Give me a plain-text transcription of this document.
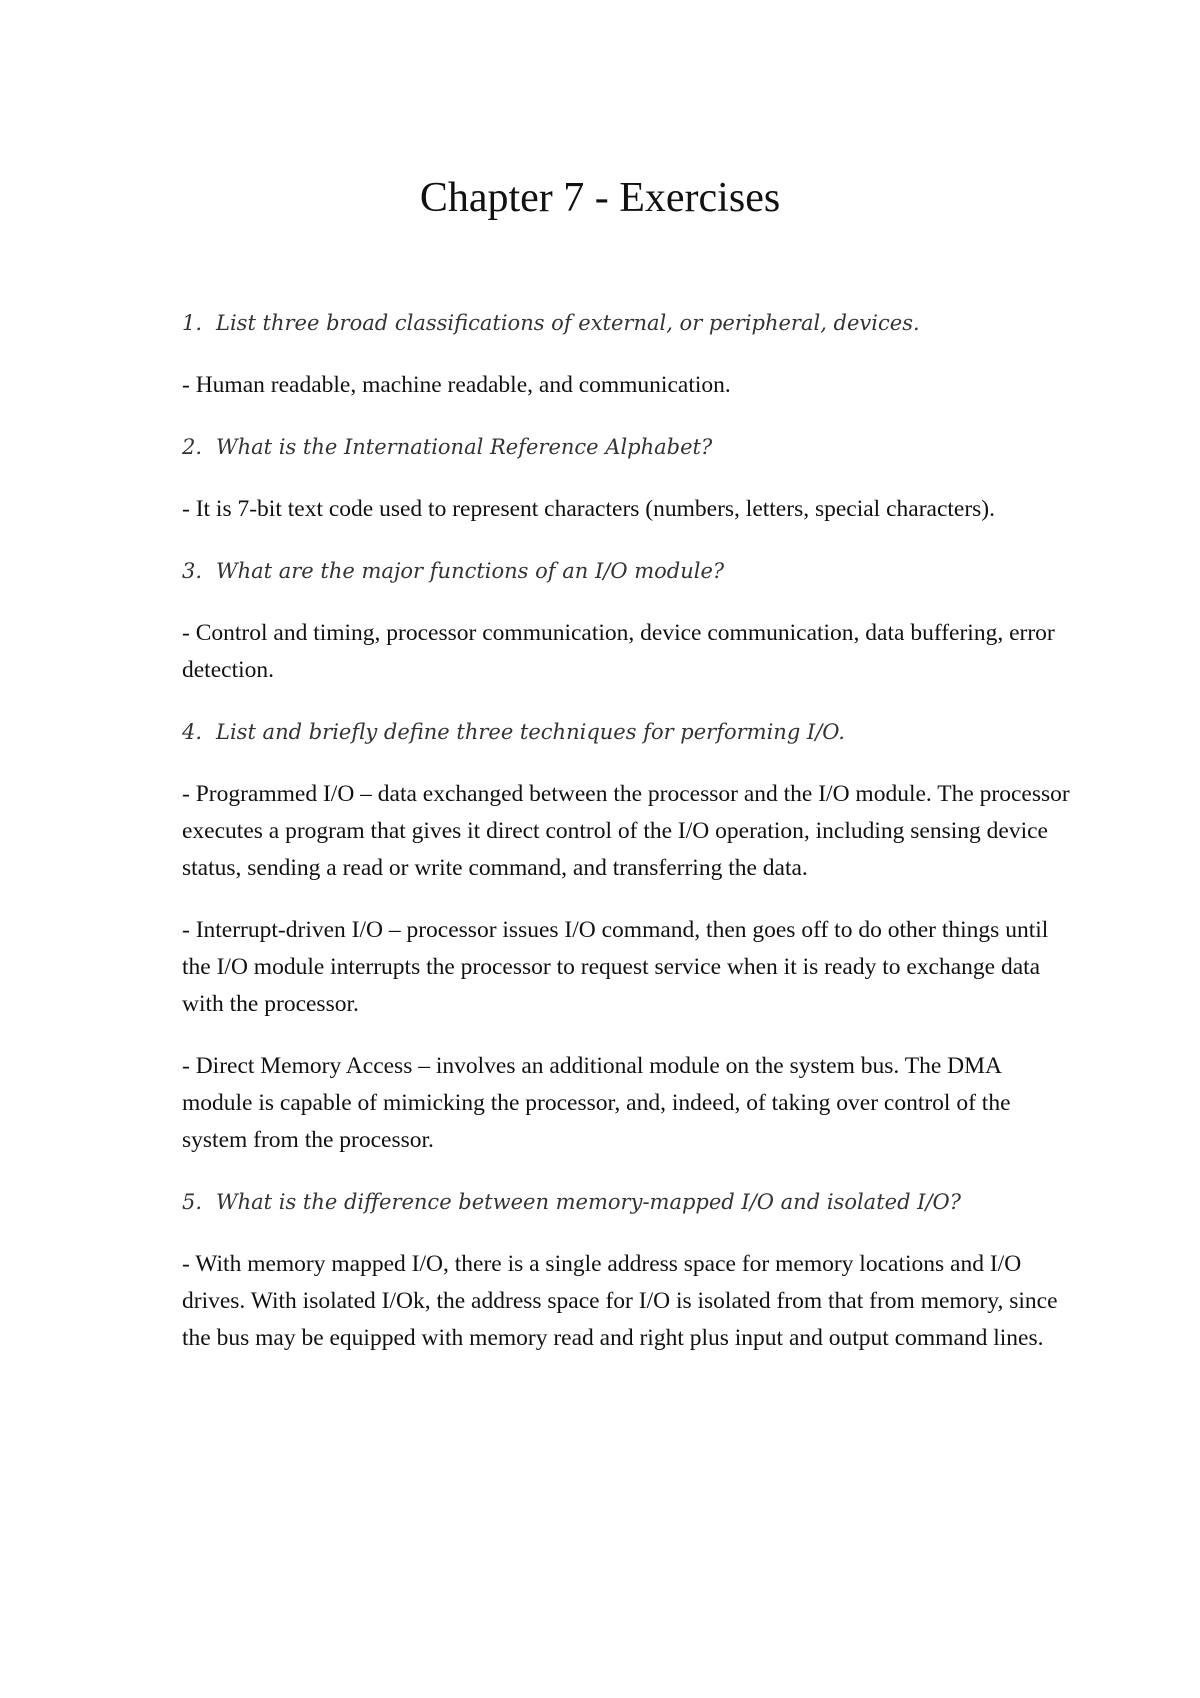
Chapter 7 - Exercises

1. List three broad classifications of external, or peripheral, devices.

- Human readable, machine readable, and communication.

2. What is the International Reference Alphabet?

- It is 7-bit text code used to represent characters (numbers, letters, special characters).

3. What are the major functions of an I/O module?

- Control and timing, processor communication, device communication, data buffering, error detection.

4. List and briefly define three techniques for performing I/O.

- Programmed I/O – data exchanged between the processor and the I/O module. The processor executes a program that gives it direct control of the I/O operation, including sensing device status, sending a read or write command, and transferring the data.

- Interrupt-driven I/O – processor issues I/O command, then goes off to do other things until the I/O module interrupts the processor to request service when it is ready to exchange data with the processor.

- Direct Memory Access – involves an additional module on the system bus. The DMA module is capable of mimicking the processor, and, indeed, of taking over control of the system from the processor.

5. What is the difference between memory-mapped I/O and isolated I/O?

- With memory mapped I/O, there is a single address space for memory locations and I/O drives. With isolated I/Ok, the address space for I/O is isolated from that from memory, since the bus may be equipped with memory read and right plus input and output command lines.
